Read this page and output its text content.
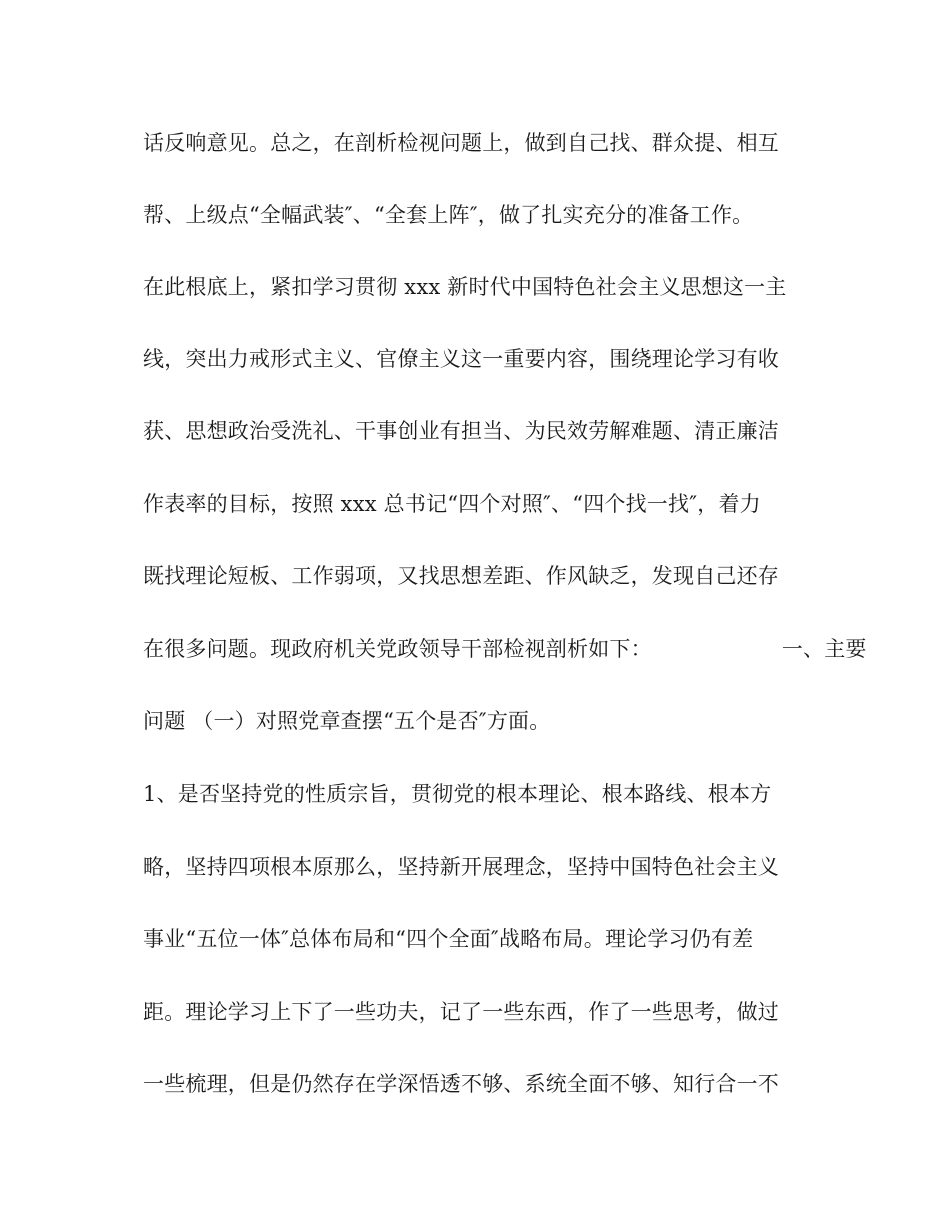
话反响意见。总之，在剖析检视问题上，做到自己找、群众提、相互
帮、上级点“全幅武装″、“全套上阵″，做了扎实充分的准备工作。
在此根底上，紧扣学习贯彻 xxx 新时代中国特色社会主义思想这一主
线，突出力戒形式主义、官僚主义这一重要内容，围绕理论学习有收
获、思想政治受洗礼、干事创业有担当、为民效劳解难题、清正廉洁
作表率的目标，按照 xxx 总书记“四个对照″、“四个找一找″，着力
既找理论短板、工作弱项，又找思想差距、作风缺乏，发现自己还存
在很多问题。现政府机关党政领导干部检视剖析如下：	一、主要
问题 （一）对照党章查摆“五个是否″方面。
1、是否坚持党的性质宗旨，贯彻党的根本理论、根本路线、根本方
略，坚持四项根本原那么，坚持新开展理念，坚持中国特色社会主义
事业“五位一体″总体布局和“四个全面″战略布局。理论学习仍有差
距。理论学习上下了一些功夫，记了一些东西，作了一些思考，做过
一些梳理，但是仍然存在学深悟透不够、系统全面不够、知行合一不
